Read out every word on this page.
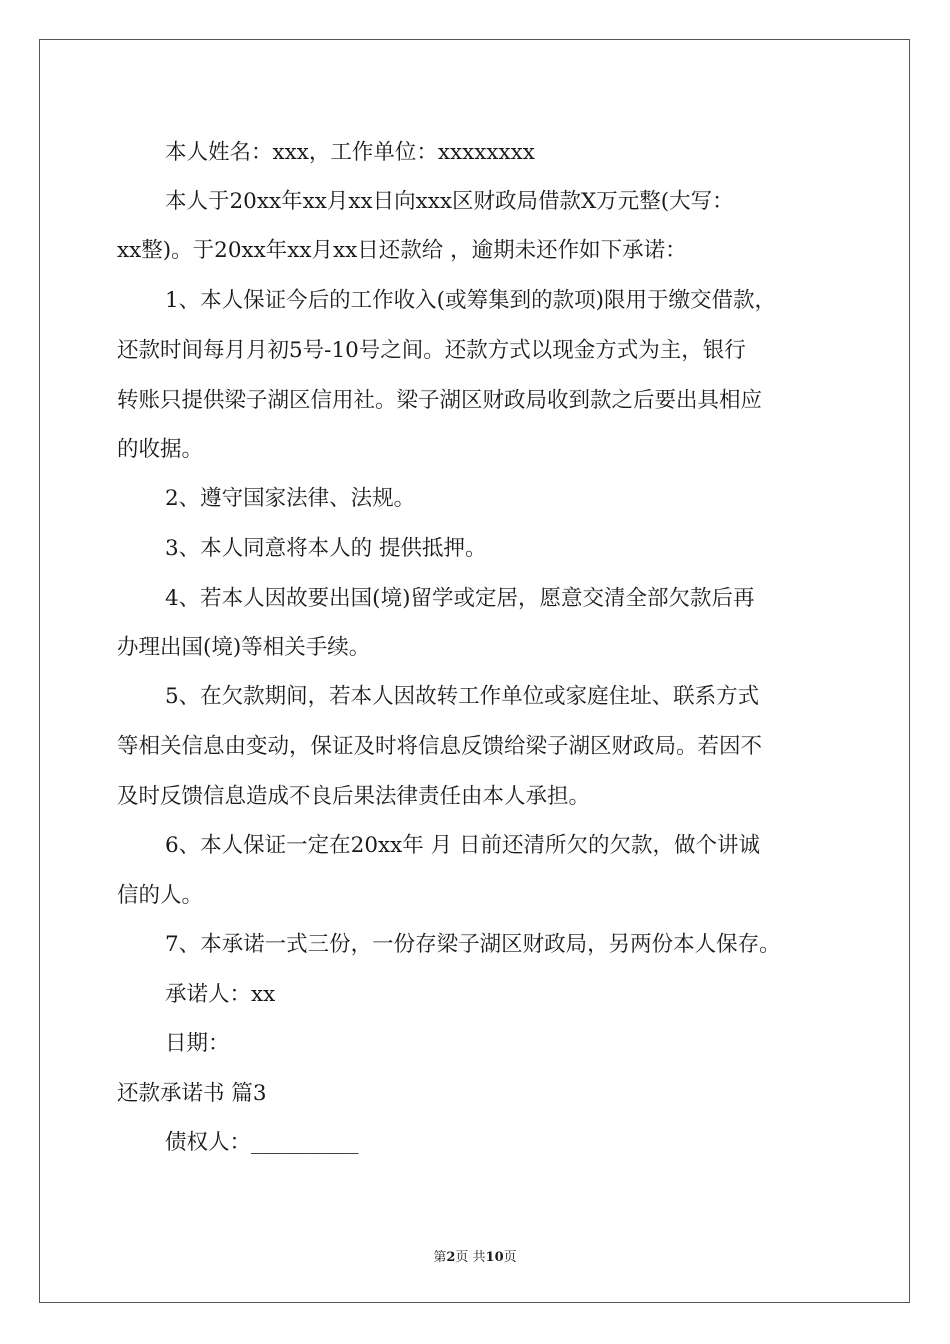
本人姓名：xxx，工作单位：xxxxxxxx
本人于20xx年xx月xx日向xxx区财政局借款X万元整(大写：
xx整)。于20xx年xx月xx日还款给 ，逾期未还作如下承诺：
1、本人保证今后的工作收入(或筹集到的款项)限用于缴交借款，
还款时间每月月初5号-10号之间。还款方式以现金方式为主，银行
转账只提供梁子湖区信用社。梁子湖区财政局收到款之后要出具相应
的收据。
2、遵守国家法律、法规。
3、本人同意将本人的 提供抵押。
4、若本人因故要出国(境)留学或定居，愿意交清全部欠款后再
办理出国(境)等相关手续。
5、在欠款期间，若本人因故转工作单位或家庭住址、联系方式
等相关信息由变动，保证及时将信息反馈给梁子湖区财政局。若因不
及时反馈信息造成不良后果法律责任由本人承担。
6、本人保证一定在20xx年 月 日前还清所欠的欠款，做个讲诚
信的人。
7、本承诺一式三份，一份存梁子湖区财政局，另两份本人保存。
承诺人：xx
日期：
还款承诺书 篇3
债权人：__________
第2页 共10页
